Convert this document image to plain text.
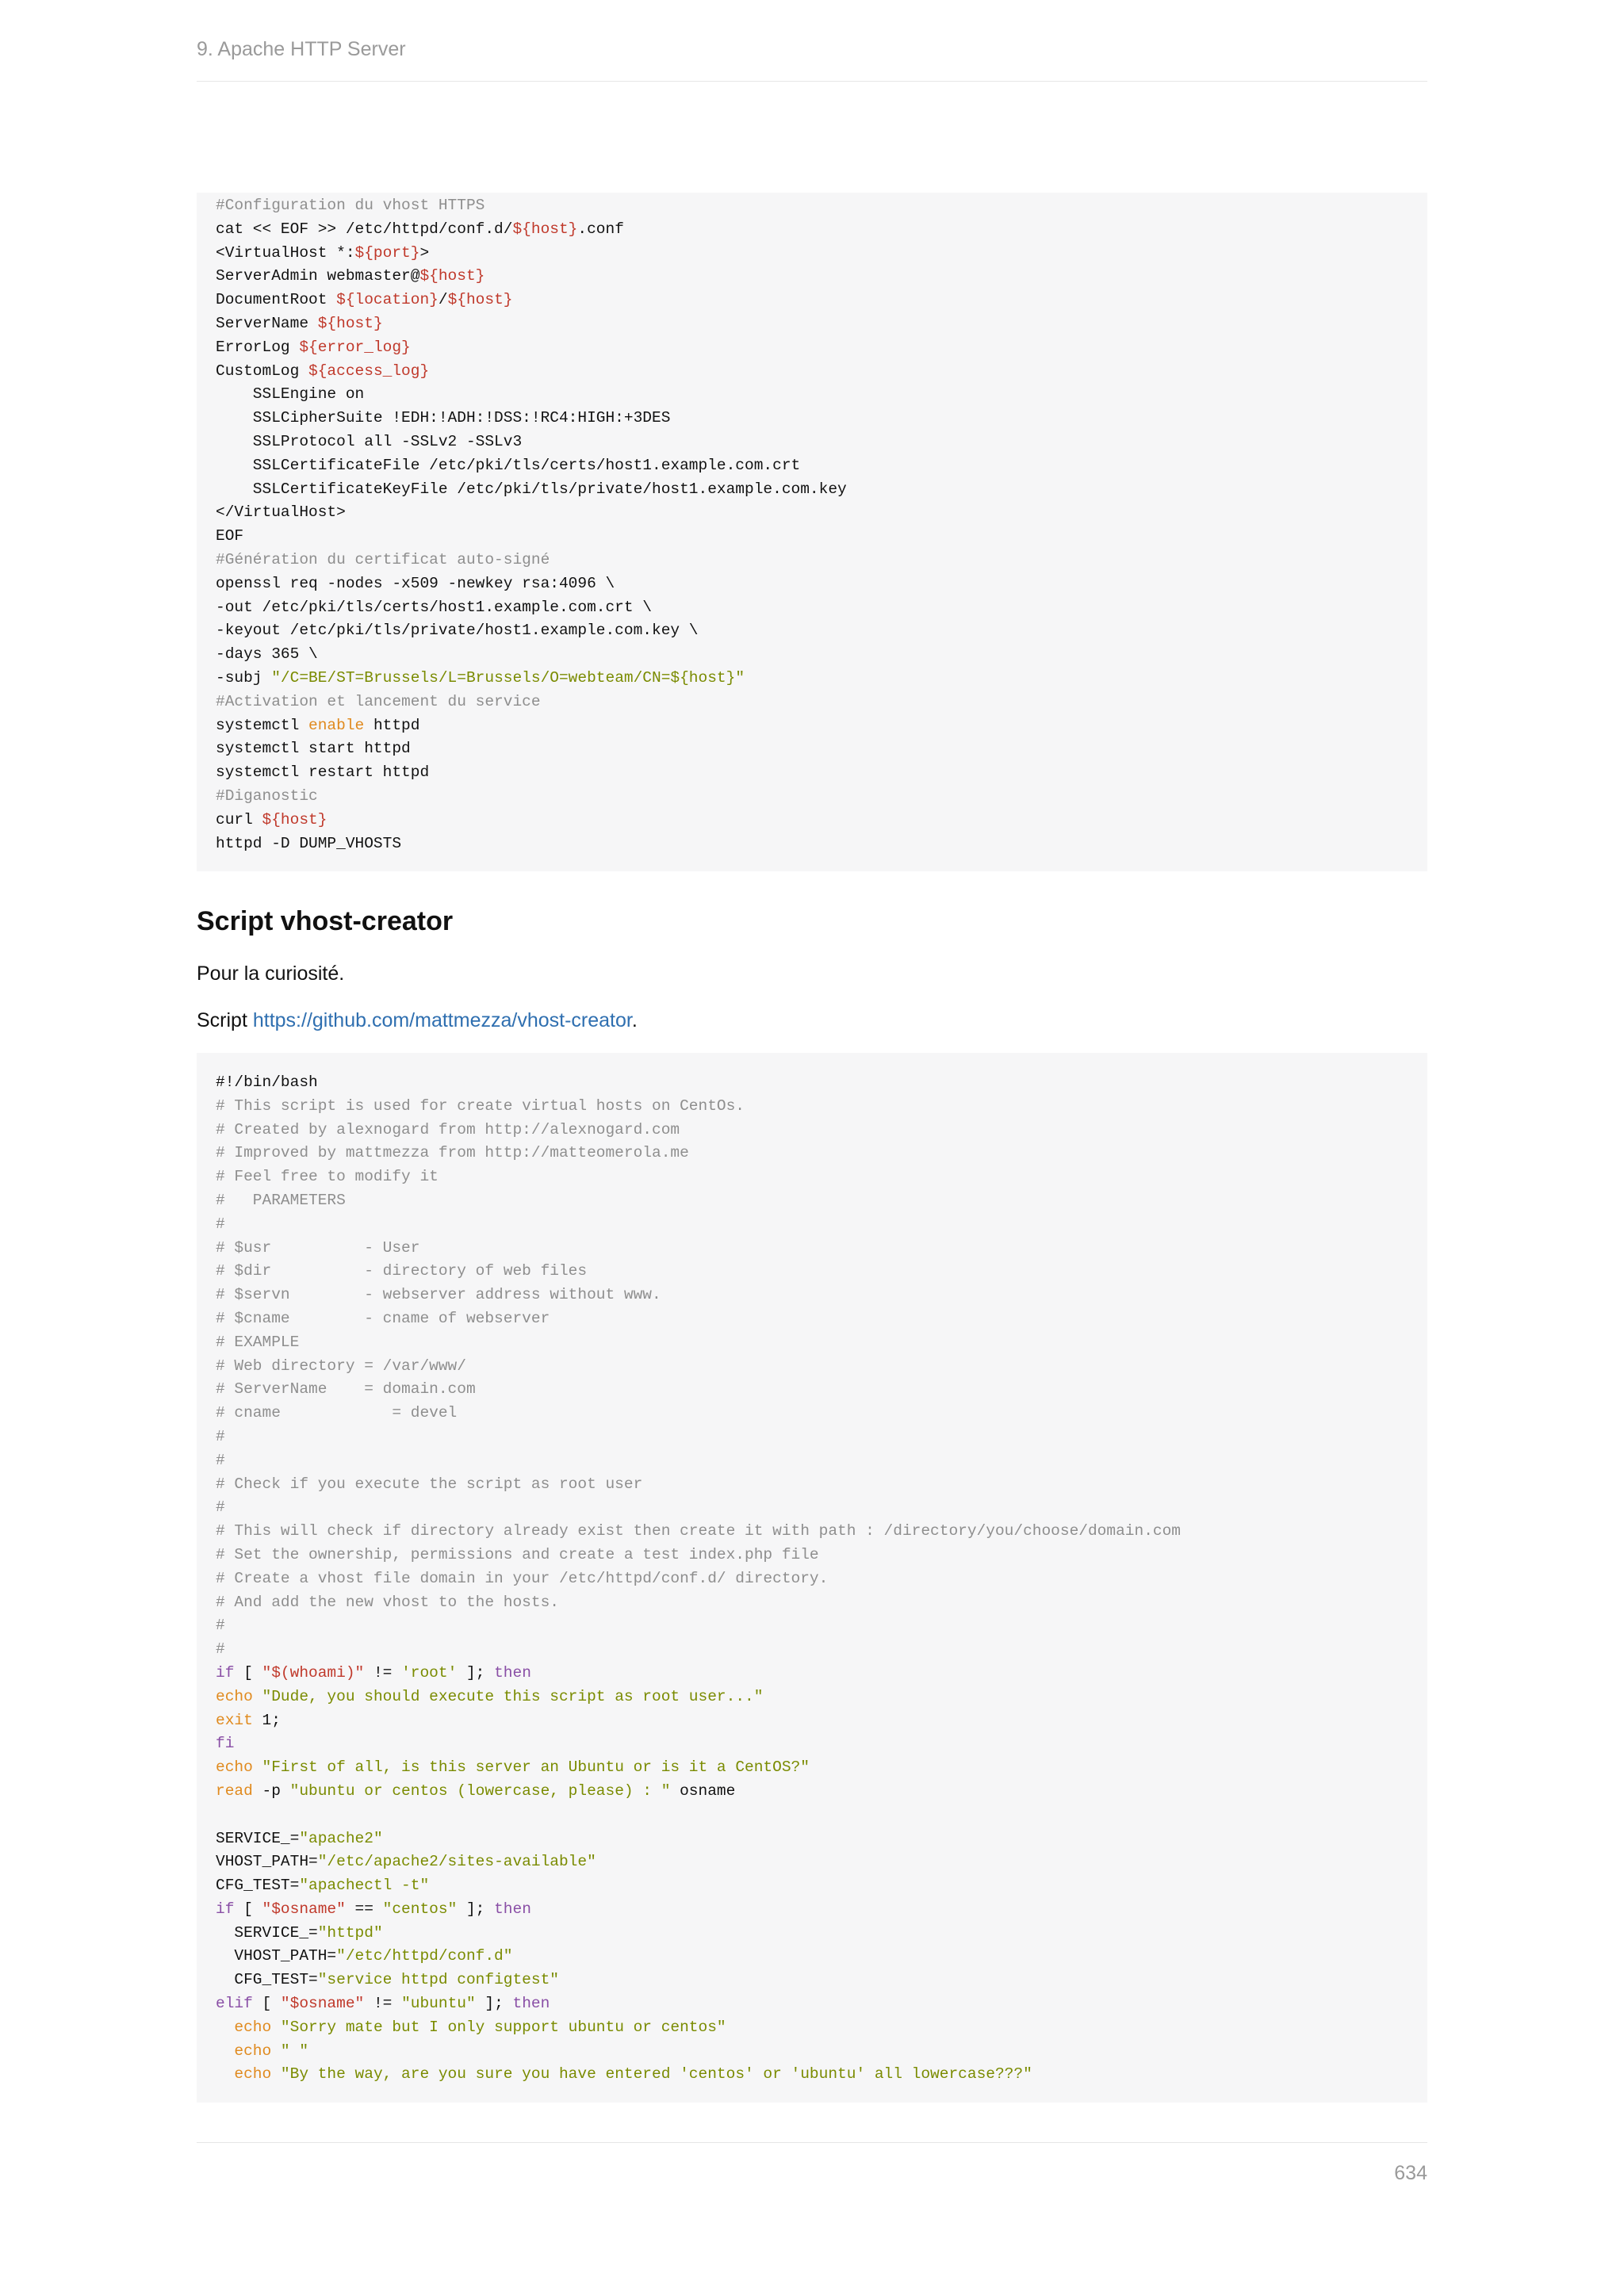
9. Apache HTTP Server
#Configuration du vhost HTTPS
cat << EOF >> /etc/httpd/conf.d/${host}.conf
<VirtualHost *:${port}>
ServerAdmin webmaster@${host}
DocumentRoot ${location}/${host}
ServerName ${host}
ErrorLog ${error_log}
CustomLog ${access_log}
SSLEngine on
SSLCipherSuite !EDH:!ADH:!DSS:!RC4:HIGH:+3DES
SSLProtocol all -SSLv2 -SSLv3
SSLCertificateFile /etc/pki/tls/certs/host1.example.com.crt
SSLCertificateKeyFile /etc/pki/tls/private/host1.example.com.key
</VirtualHost>
EOF
#Génération du certificat auto-signé
openssl req -nodes -x509 -newkey rsa:4096 \
-out /etc/pki/tls/certs/host1.example.com.crt \
-keyout /etc/pki/tls/private/host1.example.com.key \
-days 365 \
-subj "/C=BE/ST=Brussels/L=Brussels/O=webteam/CN=${host}"
#Activation et lancement du service
systemctl enable httpd
systemctl start httpd
systemctl restart httpd
#Diganostic
curl ${host}
httpd -D DUMP_VHOSTS
Script vhost-creator

Pour la curiosité.

Script https://github.com/mattmezza/vhost-creator.

#!/bin/bash
# This script is used for create virtual hosts on CentOs.
# Created by alexnogard from http://alexnogard.com
# Improved by mattmezza from http://matteomerola.me
# Feel free to modify it
#   PARAMETERS
#
# $usr          - User
# $dir          - directory of web files
# $servn        - webserver address without www.
# $cname        - cname of webserver
# EXAMPLE
# Web directory = /var/www/
# ServerName    = domain.com
# cname            = devel
#
#
# Check if you execute the script as root user
#
# This will check if directory already exist then create it with path : /directory/you/choose/domain.com
# Set the ownership, permissions and create a test index.php file
# Create a vhost file domain in your /etc/httpd/conf.d/ directory.
# And add the new vhost to the hosts.
#
#
if [ "$(whoami)" != 'root' ]; then
echo "Dude, you should execute this script as root user..."
exit 1;
fi
echo "First of all, is this server an Ubuntu or is it a CentOS?"
read -p "ubuntu or centos (lowercase, please) : " osname
SERVICE_="apache2"
VHOST_PATH="/etc/apache2/sites-available"
CFG_TEST="apachectl -t"
if [ "$osname" == "centos" ]; then
SERVICE_="httpd"
VHOST_PATH="/etc/httpd/conf.d"
CFG_TEST="service httpd configtest"
elif [ "$osname" != "ubuntu" ]; then
echo "Sorry mate but I only support ubuntu or centos"
echo " "
echo "By the way, are you sure you have entered 'centos' or 'ubuntu' all lowercase???"
634
